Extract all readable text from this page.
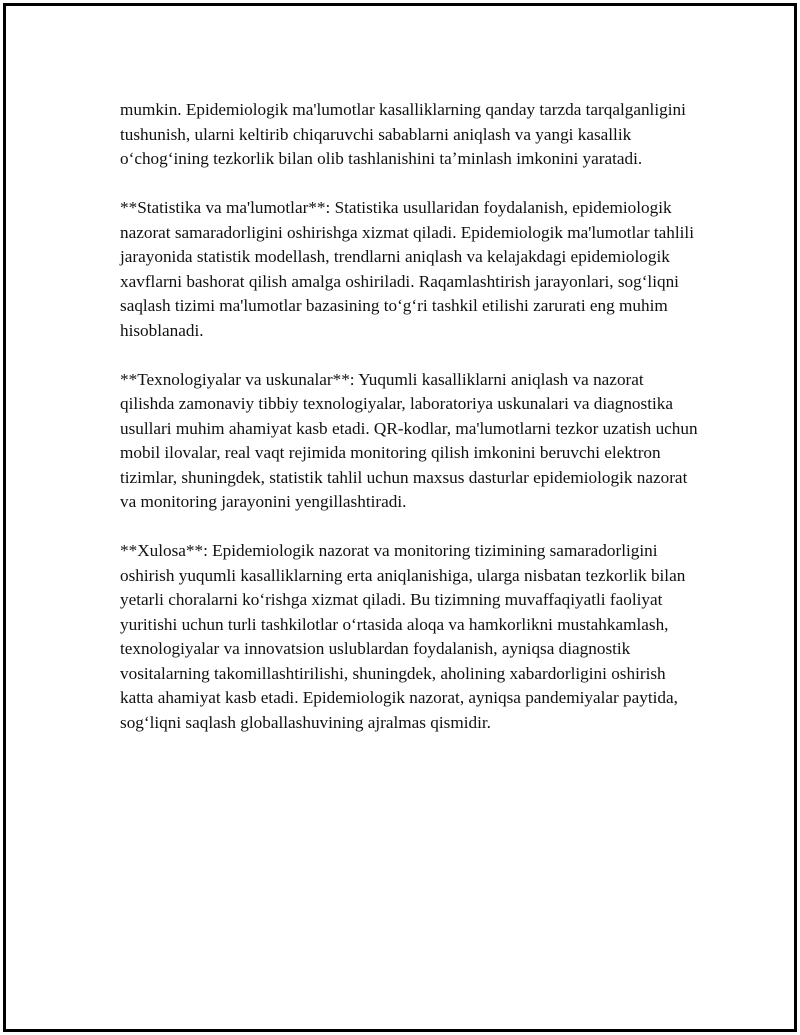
mumkin. Epidemiologik ma'lumotlar kasalliklarning qanday tarzda tarqalganligini tushunish, ularni keltirib chiqaruvchi sabablarni aniqlash va yangi kasallik oʻchogʻining tezkorlik bilan olib tashlanishini taʼminlash imkonini yaratadi.

**Statistika va ma'lumotlar**: Statistika usullaridan foydalanish, epidemiologik nazorat samaradorligini oshirishga xizmat qiladi. Epidemiologik ma'lumotlar tahlili jarayonida statistik modellash, trendlarni aniqlash va kelajakdagi epidemiologik xavflarni bashorat qilish amalga oshiriladi. Raqamlashtirish jarayonlari, sogʻliqni saqlash tizimi ma'lumotlar bazasining toʻgʻri tashkil etilishi zarurati eng muhim hisoblanadi.

**Texnologiyalar va uskunalar**: Yuqumli kasalliklarni aniqlash va nazorat qilishda zamonaviy tibbiy texnologiyalar, laboratoriya uskunalari va diagnostika usullari muhim ahamiyat kasb etadi. QR-kodlar, ma'lumotlarni tezkor uzatish uchun mobil ilovalar, real vaqt rejimida monitoring qilish imkonini beruvchi elektron tizimlar, shuningdek, statistik tahlil uchun maxsus dasturlar epidemiologik nazorat va monitoring jarayonini yengillashtiradi.

**Xulosa**: Epidemiologik nazorat va monitoring tizimining samaradorligini oshirish yuqumli kasalliklarning erta aniqlanishiga, ularga nisbatan tezkorlik bilan yetarli choralarni koʻrishga xizmat qiladi. Bu tizimning muvaffaqiyatli faoliyat yuritishi uchun turli tashkilotlar oʻrtasida aloqa va hamkorlikni mustahkamlash, texnologiyalar va innovatsion uslublardan foydalanish, ayniqsa diagnostik vositalarning takomillashtirilishi, shuningdek, aholining xabardorligini oshirish katta ahamiyat kasb etadi. Epidemiologik nazorat, ayniqsa pandemiyalar paytida, sogʻliqni saqlash globallashuvining ajralmas qismidir.
